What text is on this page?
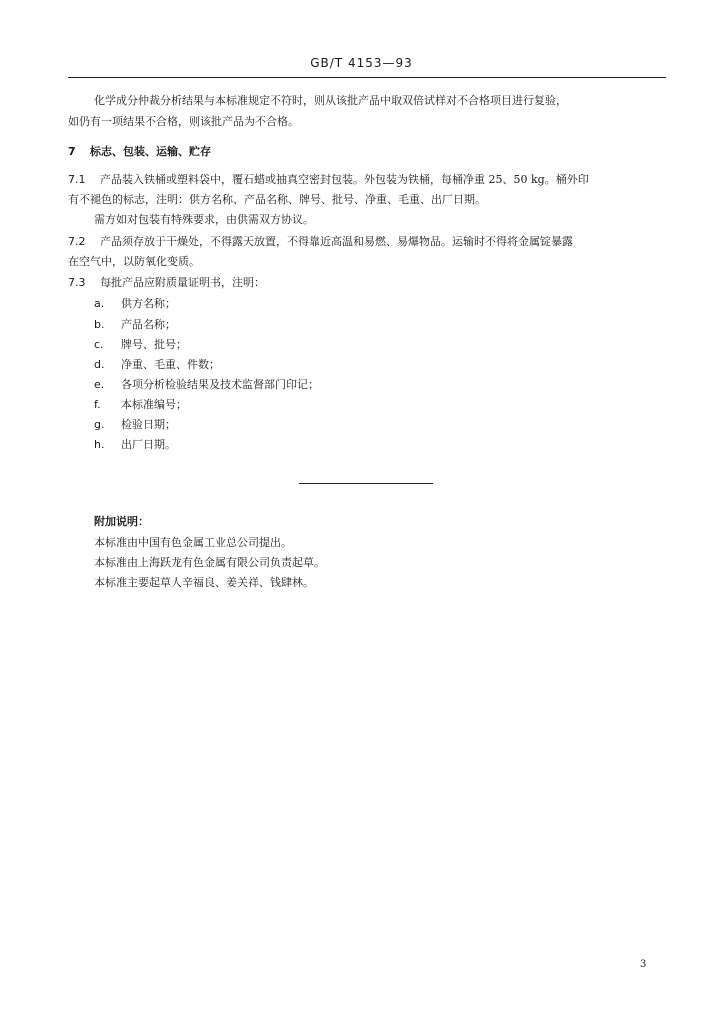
GB/T 4153—93
化学成分仲裁分析结果与本标准规定不符时，则从该批产品中取双倍试样对不合格项目进行复验，
如仍有一项结果不合格，则该批产品为不合格。
7 标志、包装、运输、贮存
7.1 产品装入铁桶或塑料袋中，覆石蜡或抽真空密封包装。外包装为铁桶，每桶净重 25、50 kg。桶外印
有不褪色的标志，注明：供方名称、产品名称、牌号、批号、净重、毛重、出厂日期。
需方如对包装有特殊要求，由供需双方协议。
7.2 产品须存放于干燥处，不得露天放置，不得靠近高温和易燃、易爆物品。运输时不得将金属锭暴露
在空气中，以防氧化变质。
7.3 每批产品应附质量证明书，注明：
a. 供方名称；
b. 产品名称；
c. 牌号、批号；
d. 净重、毛重、件数；
e. 各项分析检验结果及技术监督部门印记；
f. 本标准编号；
g. 检验日期；
h. 出厂日期。
附加说明：
本标准由中国有色金属工业总公司提出。
本标准由上海跃龙有色金属有限公司负责起草。
本标准主要起草人辛福良、姜关祥、钱肆林。
3
